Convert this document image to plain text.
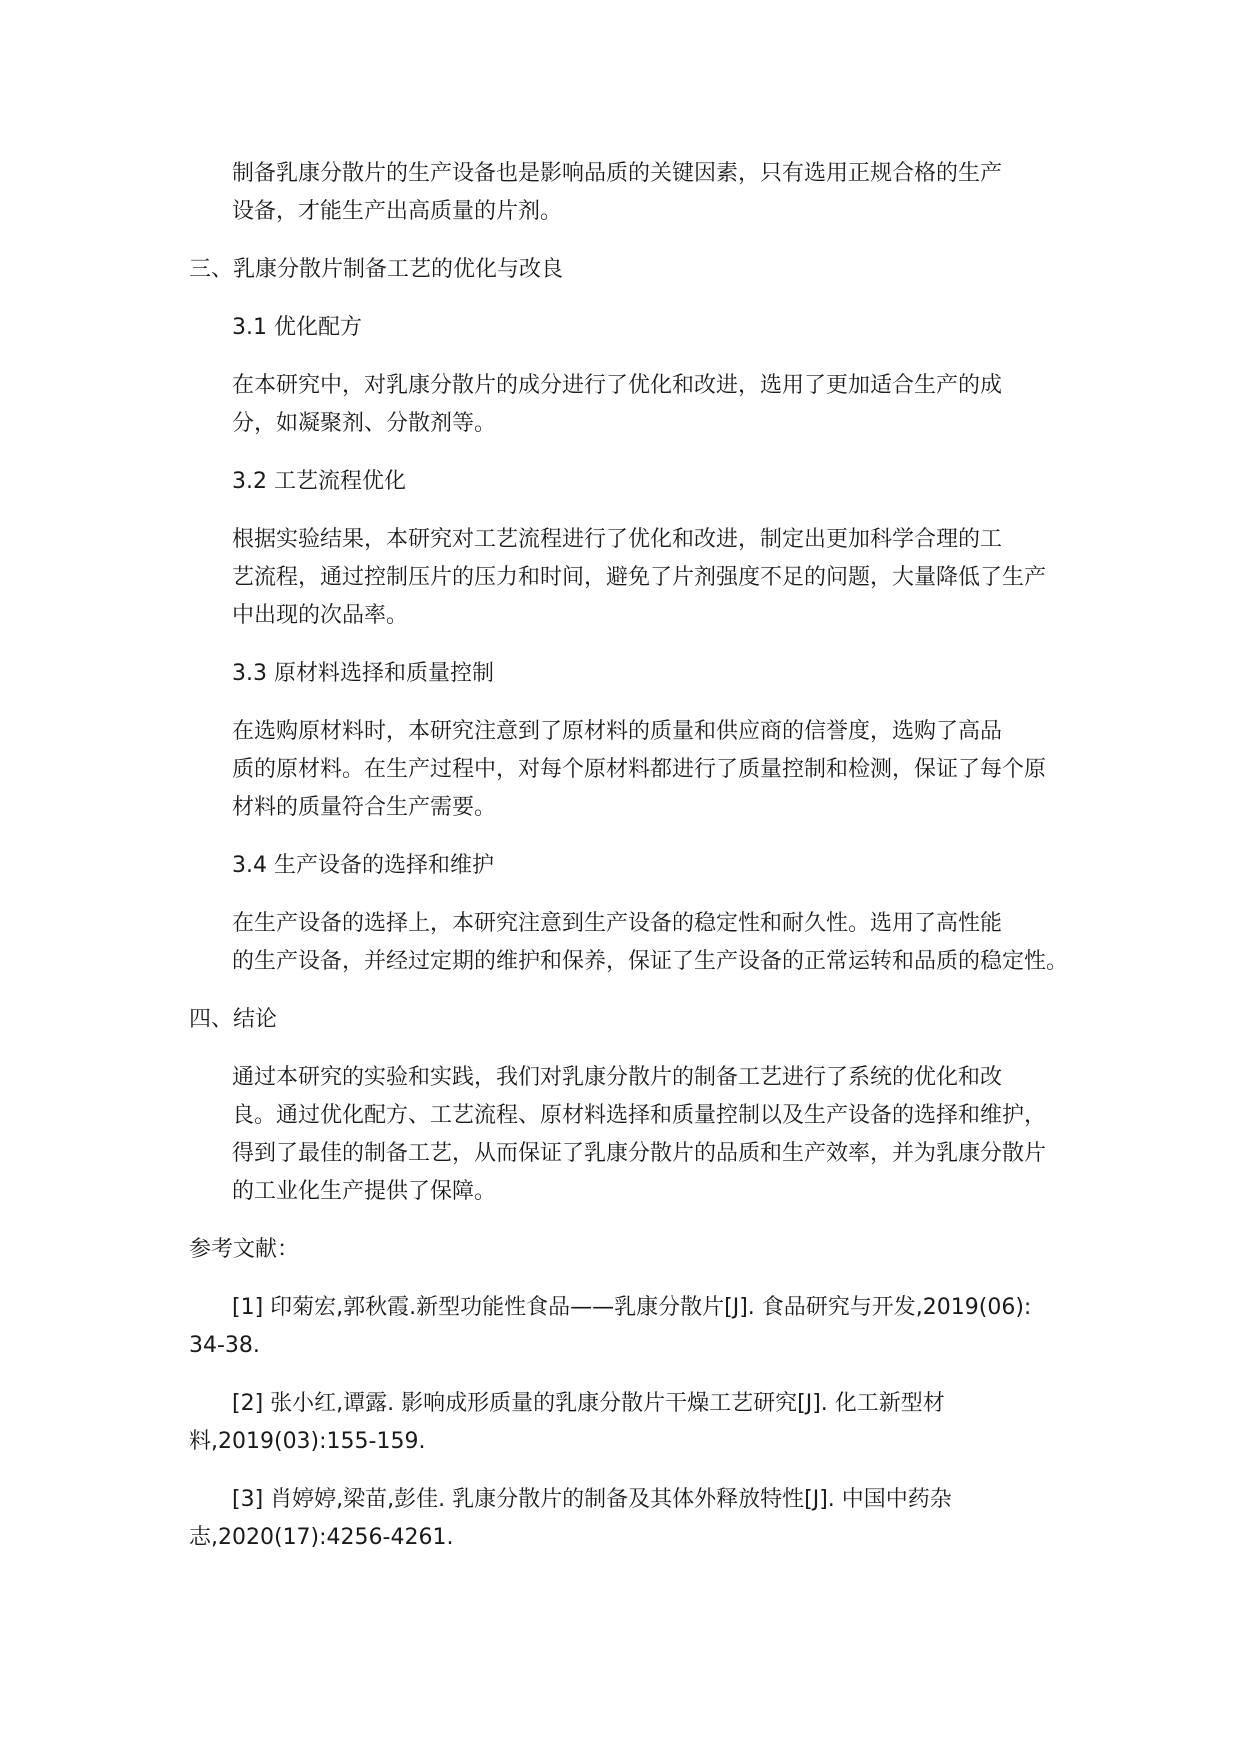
制备乳康分散片的生产设备也是影响品质的关键因素，只有选用正规合格的生产
设备，才能生产出高质量的片剂。

三、乳康分散片制备工艺的优化与改良

3.1 优化配方

在本研究中，对乳康分散片的成分进行了优化和改进，选用了更加适合生产的成
分，如凝聚剂、分散剂等。

3.2 工艺流程优化

根据实验结果，本研究对工艺流程进行了优化和改进，制定出更加科学合理的工
艺流程，通过控制压片的压力和时间，避免了片剂强度不足的问题，大量降低了生产
中出现的次品率。

3.3 原材料选择和质量控制

在选购原材料时，本研究注意到了原材料的质量和供应商的信誉度，选购了高品
质的原材料。在生产过程中，对每个原材料都进行了质量控制和检测，保证了每个原
材料的质量符合生产需要。

3.4 生产设备的选择和维护

在生产设备的选择上，本研究注意到生产设备的稳定性和耐久性。选用了高性能
的生产设备，并经过定期的维护和保养，保证了生产设备的正常运转和品质的稳定性。

四、结论

通过本研究的实验和实践，我们对乳康分散片的制备工艺进行了系统的优化和改
良。通过优化配方、工艺流程、原材料选择和质量控制以及生产设备的选择和维护，
得到了最佳的制备工艺，从而保证了乳康分散片的品质和生产效率，并为乳康分散片
的工业化生产提供了保障。

参考文献：

[1] 印菊宏,郭秋霞.新型功能性食品——乳康分散片[J]. 食品研究与开发,2019(06):
34-38.

[2] 张小红,谭露. 影响成形质量的乳康分散片干燥工艺研究[J]. 化工新型材
料,2019(03):155-159.

[3] 肖婷婷,梁苗,彭佳. 乳康分散片的制备及其体外释放特性[J]. 中国中药杂
志,2020(17):4256-4261.
